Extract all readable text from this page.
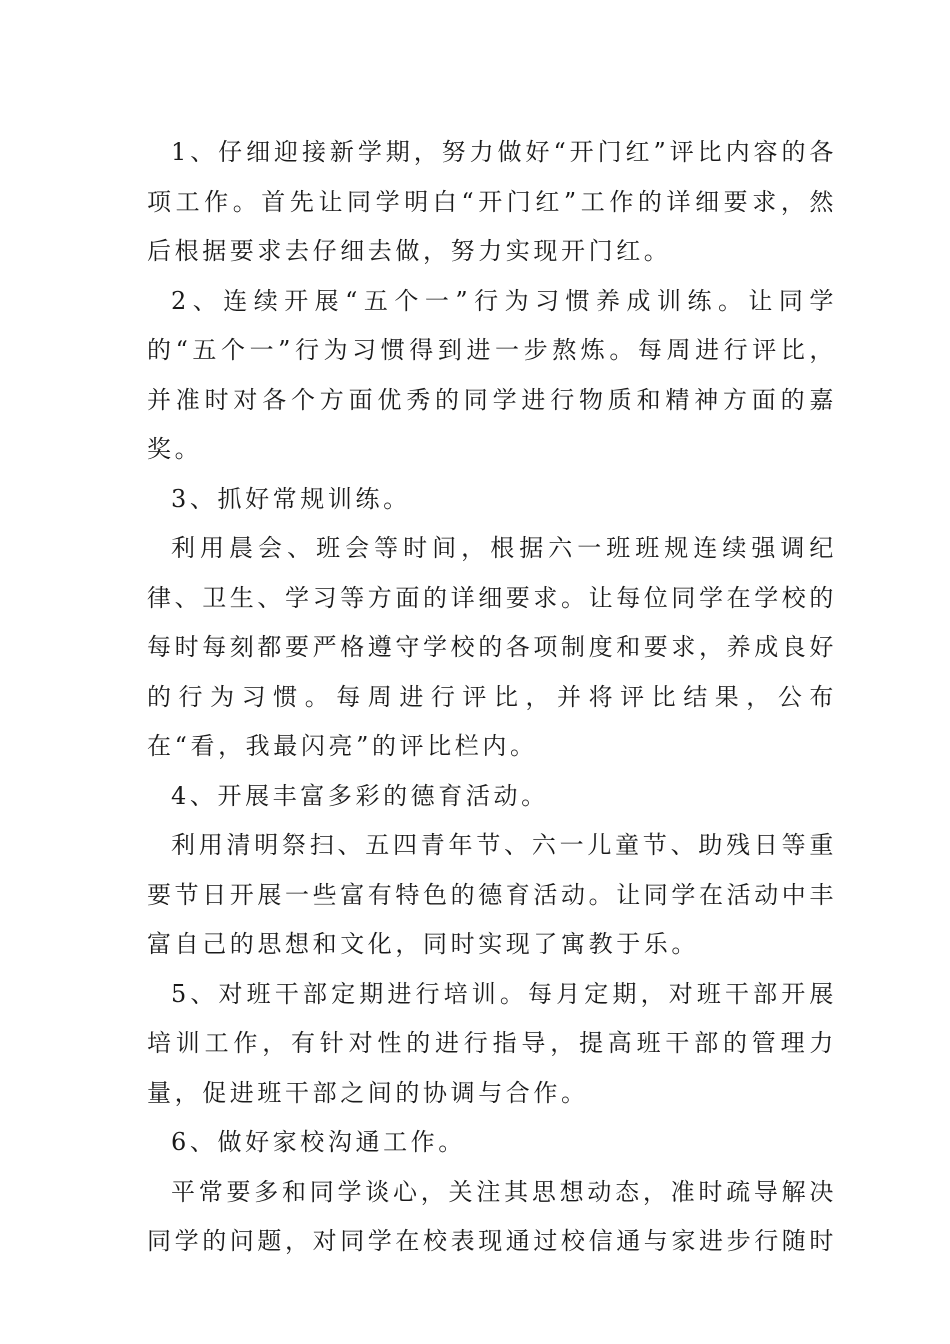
1、仔细迎接新学期，努力做好“开门红”评比内容的各项工作。首先让同学明白“开门红”工作的详细要求，然后根据要求去仔细去做，努力实现开门红。

2、连续开展“五个一”行为习惯养成训练。让同学的“五个一”行为习惯得到进一步熬炼。每周进行评比，并准时对各个方面优秀的同学进行物质和精神方面的嘉奖。

3、抓好常规训练。

利用晨会、班会等时间，根据六一班班规连续强调纪律、卫生、学习等方面的详细要求。让每位同学在学校的每时每刻都要严格遵守学校的各项制度和要求，养成良好的行为习惯。每周进行评比，并将评比结果，公布在“看，我最闪亮”的评比栏内。

4、开展丰富多彩的德育活动。

利用清明祭扫、五四青年节、六一儿童节、助残日等重要节日开展一些富有特色的德育活动。让同学在活动中丰富自己的思想和文化，同时实现了寓教于乐。

5、对班干部定期进行培训。每月定期，对班干部开展培训工作，有针对性的进行指导，提高班干部的管理力量，促进班干部之间的协调与合作。

6、做好家校沟通工作。

平常要多和同学谈心，关注其思想动态，准时疏导解决同学的问题，对同学在校表现通过校信通与家进步行随时
